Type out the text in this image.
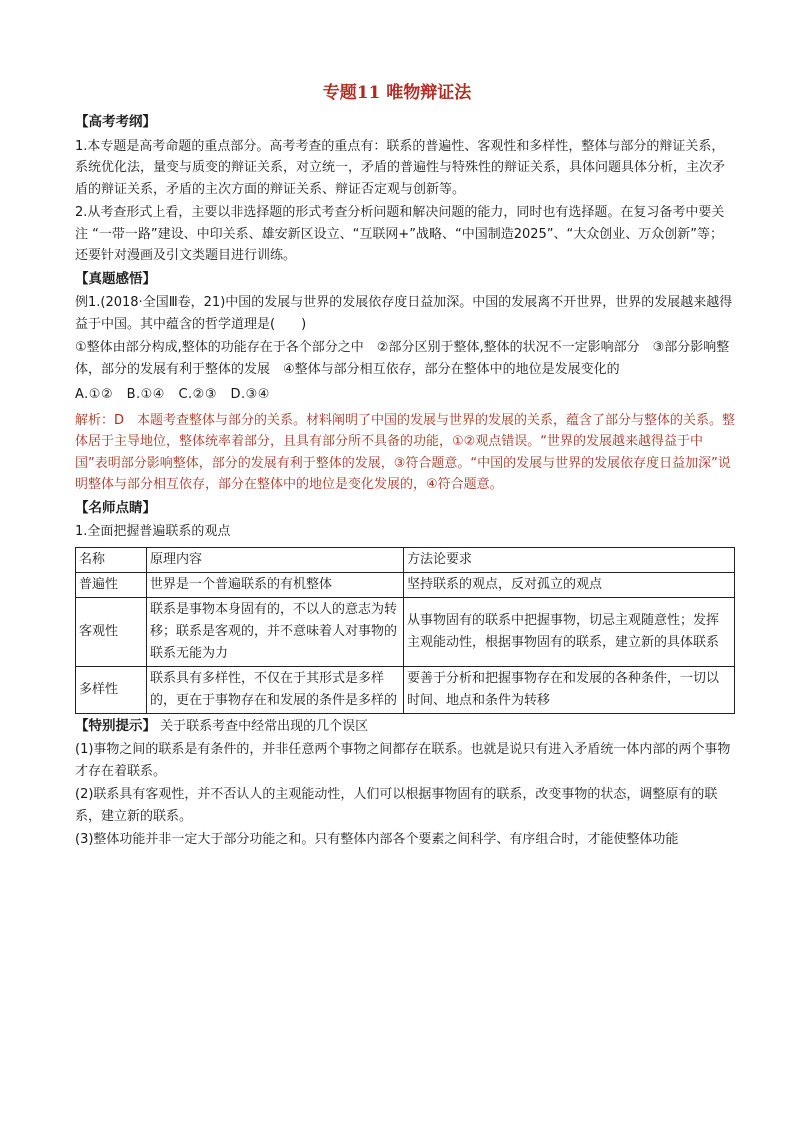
专题11 唯物辩证法
【高考考纲】
1.本专题是高考命题的重点部分。高考考查的重点有：联系的普遍性、客观性和多样性，整体与部分的辩证关系，系统优化法，量变与质变的辩证关系，对立统一，矛盾的普遍性与特殊性的辩证关系，具体问题具体分析，主次矛盾的辩证关系，矛盾的主次方面的辩证关系、辩证否定观与创新等。
2.从考查形式上看，主要以非选择题的形式考查分析问题和解决问题的能力，同时也有选择题。在复习备考中要关注 “一带一路”建设、中印关系、雄安新区设立、“互联网+”战略、“中国制造2025”、“大众创业、万众创新”等；还要针对漫画及引文类题目进行训练。
【真题感悟】
例1.(2018·全国Ⅲ卷，21)中国的发展与世界的发展依存度日益加深。中国的发展离不开世界，世界的发展越来越得益于中国。其中蕴含的哲学道理是(　　)
①整体由部分构成,整体的功能存在于各个部分之中　②部分区别于整体,整体的状况不一定影响部分　③部分影响整体，部分的发展有利于整体的发展　④整体与部分相互依存，部分在整体中的地位是发展变化的
A.①②　B.①④　C.②③　D.③④
解析：D　本题考查整体与部分的关系。材料阐明了中国的发展与世界的发展的关系，蕴含了部分与整体的关系。整体居于主导地位，整体统率着部分，且具有部分所不具备的功能，①②观点错误。“世界的发展越来越得益于中国”表明部分影响整体，部分的发展有利于整体的发展，③符合题意。“中国的发展与世界的发展依存度日益加深”说明整体与部分相互依存，部分在整体中的地位是变化发展的，④符合题意。
【名师点睛】
1.全面把握普遍联系的观点
名称	原理内容	方法论要求
普遍性	世界是一个普遍联系的有机整体	坚持联系的观点，反对孤立的观点
客观性	联系是事物本身固有的，不以人的意志为转移；联系是客观的，并不意味着人对事物的联系无能为力	从事物固有的联系中把握事物，切忌主观随意性；发挥主观能动性，根据事物固有的联系，建立新的具体联系
多样性	联系具有多样性，不仅在于其形式是多样的，更在于事物存在和发展的条件是多样的	要善于分析和把握事物存在和发展的各种条件，一切以时间、地点和条件为转移
【特别提示】 关于联系考查中经常出现的几个误区
(1)事物之间的联系是有条件的，并非任意两个事物之间都存在联系。也就是说只有进入矛盾统一体内部的两个事物才存在着联系。
(2)联系具有客观性，并不否认人的主观能动性，人们可以根据事物固有的联系，改变事物的状态，调整原有的联系，建立新的联系。
(3)整体功能并非一定大于部分功能之和。只有整体内部各个要素之间科学、有序组合时，才能使整体功能
